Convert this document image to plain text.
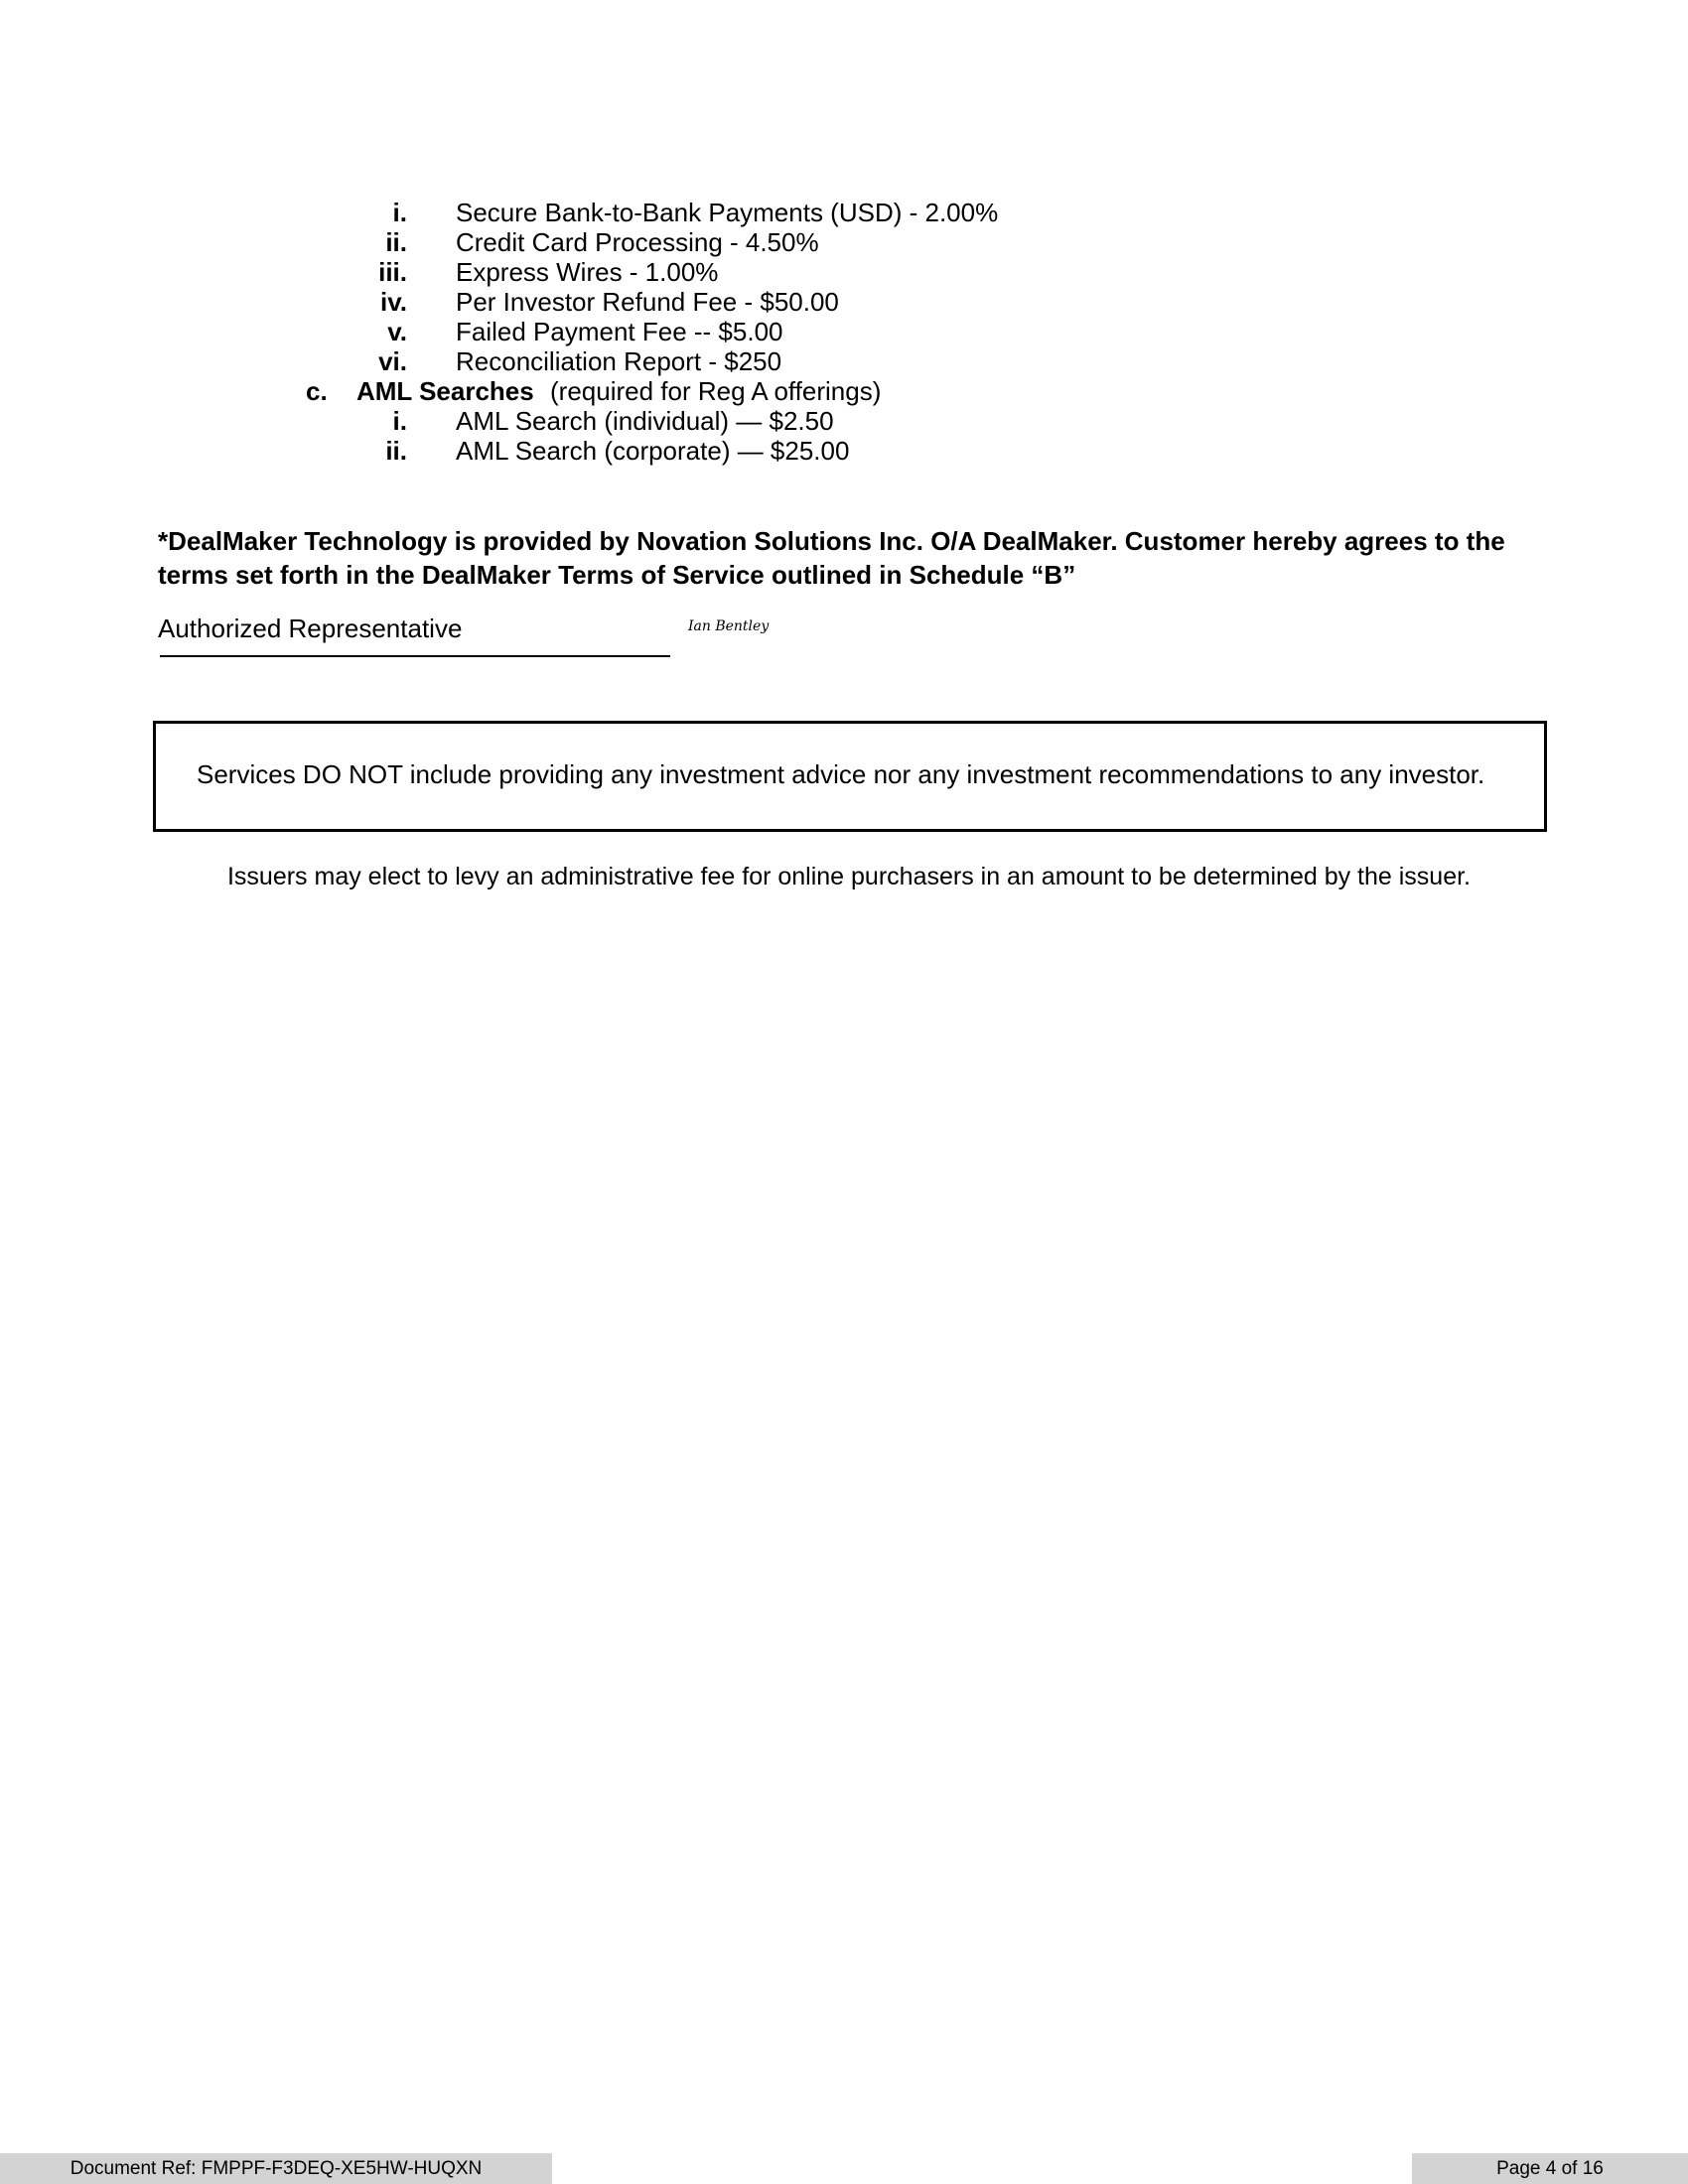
i. Secure Bank-to-Bank Payments (USD) - 2.00%
ii. Credit Card Processing - 4.50%
iii. Express Wires - 1.00%
iv. Per Investor Refund Fee - $50.00
v. Failed Payment Fee -- $5.00
vi. Reconciliation Report - $250
c. AML Searches (required for Reg A offerings)
i. AML Search (individual) — $2.50
ii. AML Search (corporate) — $25.00
*DealMaker Technology is provided by Novation Solutions Inc. O/A DealMaker. Customer hereby agrees to the terms set forth in the DealMaker Terms of Service outlined in Schedule “B”
Authorized Representative	Ian Bentley
Services DO NOT include providing any investment advice nor any investment recommendations to any investor.
Issuers may elect to levy an administrative fee for online purchasers in an amount to be determined by the issuer.
Document Ref: FMPPF-F3DEQ-XE5HW-HUQXN	Page 4 of 16
